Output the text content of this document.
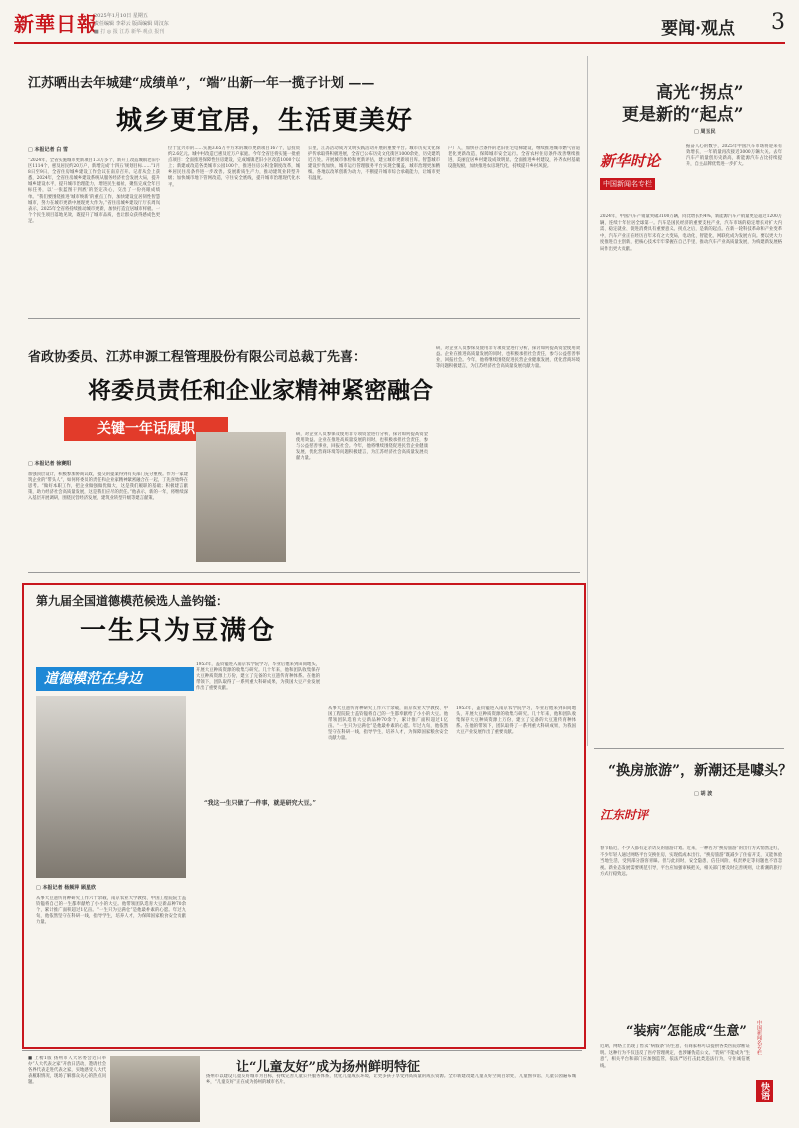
新華日報
2025年1月10日 星期五
责任编辑 李彩云 版面编辑 周汉东
■ 打 ◎ 报 江苏 新华·观点 报刊	要闻·观点 3
江苏晒出去年城建“成绩单”，“端”出新一年一揽子计划 ——
城乡更宜居，生活更美好
□ 本报记者 白 雪
“2024年，全省实施城市更新项目1.3万多个，新开工改造城镇老旧小区1114个，惠及居民约20万户，新增完成‘十四五’规划目标……”1月8日至9日，全省住房城乡建设工作会议在南京召开。记者从会上获悉，2024年，全省住房城乡建设系统从服务经济社会发展大局，提升城乡建设水平，提升城市治理能力，增进民生福祉，聚焦完成全年目标任务，以‘一张蓝图干到底’的坚定决心，交出了一份亮眼成绩单。“我们要围绕推进‘城市焕新’的重点工作，加快建设宜居韧性智慧城市，努力在城市更新中展现更大作为。”省住房城乡建设厅厅长周岚表示，2025年全省将持续推动城市更新，加快打造宜居城市样板。一个个民生项目落地见效，既提升了城市品质，也让群众获得感成色更足。
位于宜兴市的……实施3.65万平方米的城市更新项目167个，总投资约2.6亿元。城中村改造已惠及近万户家庭。今年全省还将实施一批重点项目：全面推进保障性住房建设，完成城镇老旧小区改造1000个以上；新建或改造各类城市公园100个，推进住房公积金制度改革，城乡居民住房条件进一步改善。发展新质生产力，推动建筑业转型升级；加快城市地下管网改造，守住安全底线，提升城市治理现代化水平。
公里，江苏活动成为文明实践活动开展的重要平台。城市历史文化保护传承取得积极进展，全省已公布历史文化街区1000余处，历史建筑近万处。开展城市体检和更新评估，建立城市更新项目库。智慧城市建设步伐加快，城市运行管理服务平台实现全覆盖，城市治理更加精细。各地以改革创新为动力，不断提升城市综合承载能力，让城市更有温度。
户）人，加快存合条件的老旧住宅电梯建设，继续推进城市燃气管道老化更新改造，保障城市安全运行。全省农村住房条件改善继续推进，美丽宜居乡村建设成效明显。全面推进乡村建设，补齐农村基础设施短板，加快推进农房现代化，持续提升乡村风貌。
高光“拐点”
更是新的“起点”
□ 周玉民
新华时论
中国新闻名专栏
振奋人心的数字，2025年中国汽车市场将迎来有效增长，一年销量再次接近3000万辆大关。去年汽车产销量创历史新高，新能源汽车占比持续提升，自主品牌优势进一步扩大。
2024年，中国汽车产销量突破3100万辆，同比增长约4%，新能源汽车产销量更是超过1200万辆，连续十年位居全球第一。汽车是国民经济的重要支柱产业，汽车市场的稳定增长对扩大内需、稳定就业、促进消费具有重要意义。拐点之后，是新的起点。在新一轮科技革命和产业变革中，汽车产业正在经历百年未有之大变局，电动化、智能化、网联化成为发展方向。要以更大力度推进自主创新，把核心技术牢牢掌握在自己手里，推动汽车产业高质量发展，为构建新发展格局作出更大贡献。
省政协委员、江苏申源工程管理股份有限公司总裁丁先喜：
将委员责任和企业家精神紧密融合
关键一年话履职
□ 本报记者 徐赛阳
加强顶层设计，积极参加协商议政，提交的提案得到有关部门充分重视。作为一家建筑企业的“带头人”，如何将委员的责任和企业家精神紧密融合在一起，丁先喜始终在思考。“做好本职工作，把企业做强做优做大，这是我们履职的基础；积极建言献策，助力经济社会高质量发展，这是我们应尽的责任。”他表示，新的一年，将继续深入基层开展调研，围绕民营经济发展、建筑业转型升级等建言献策。
研，对企业人员参保及使用非专项资金进行分析，探讨如何提高资金使用效益。企业在推进高质量发展的同时，也积极承担社会责任，参与公益慈善事业，回报社会。今年，他将继续围绕促进民营企业健康发展、优化营商环境等问题积极建言，为江苏经济社会高质量发展贡献力量。
研，对企业人员参保及使用非专项资金进行分析，探讨如何提高资金使用效益。企业在推进高质量发展的同时，也积极承担社会责任，参与公益慈善事业，回报社会。今年，他将继续围绕促进民营企业健康发展、优化营商环境等问题积极建言，为江苏经济社会高质量发展贡献力量。
第九届全国道德模范候选人盖钧镒：
一生只为豆满仓
道德模范在身边
□ 本报记者 杨频萍 顾星欣
从事大豆遗传育种研究工作六十余载，南京农业大学教授、中国工程院院士盖钧镒将自己的一生都奉献给了小小的大豆。他带领团队选育大豆新品种70余个，累计推广面积超过1亿亩。“一生只为豆满仓”是他最朴素的心愿。年过九旬，他依然坚守在科研一线，指导学生，培养人才，为保障国家粮食安全贡献力量。
1953年，盖钧镒进入南京农学院学习，毕业后他来到田间地头，开展大豆种质资源的收集与研究。几十年来，他和团队收集保存大豆种质资源上万份，建立了完备的大豆遗传育种体系。在他的带领下，团队取得了一系列重大科研成果，为我国大豆产业发展作出了重要贡献。
“我这一生只做了一件事，就是研究大豆。”
从事大豆遗传育种研究工作六十余载，南京农业大学教授、中国工程院院士盖钧镒将自己的一生都奉献给了小小的大豆。他带领团队选育大豆新品种70余个，累计推广面积超过1亿亩。“一生只为豆满仓”是他最朴素的心愿。年过九旬，他依然坚守在科研一线，指导学生，培养人才，为保障国家粮食安全贡献力量。
1953年，盖钧镒进入南京农学院学习，毕业后他来到田间地头，开展大豆种质资源的收集与研究。几十年来，他和团队收集保存大豆种质资源上万份，建立了完备的大豆遗传育种体系。在他的带领下，团队取得了一系列重大科研成果，为我国大豆产业发展作出了重要贡献。
“换房旅游”，新潮还是噱头？
□ 胡 波
江东时评
春节临近，不少人都有走亲访友的旅游计划。近来，一种名为“换房旅游”的出行方式悄然走红，不少年轻人通过网络平台交换住房，实现低成本出行。“换房旅游”既减少了住宿开支，又能体验当地生活，受到部分游客青睐。但与此同时，安全隐患、信任风险、权责界定等问题也不容忽视。新业态发展需要规范引导，平台应加强审核把关，相关部门要及时完善规则，让新潮的旅行方式行稳致远。
“装病”怎能成“生意”
近期，网络上出现了售卖“病假条”的生意，有商家称可以提供各类医院诊断证明。这种行为不仅违反了医疗管理规定，也涉嫌伪造公文。“装病”不能成为“生意”，相关平台和部门应加强监管，依法严厉打击此类违法行为，守住诚信底线。
中国新闻名专栏
快语
■ 上榜1版 扬州市人大常委会近日举办“人大代表之家”开放日活动，邀请社会各界代表走进代表之家，实地感受人大代表履职情况，现场了解群众关心的热点问题。
让“儿童友好”成为扬州鲜明特征
扬州市以建设儿童友好城市为目标，持续完善儿童公共服务体系，优化儿童成长环境，让更多孩子享受到高质量的成长资源。全市新建改建儿童友好空间百余处，儿童图书馆、儿童公园遍布城乡，“儿童友好”正在成为扬州的城市名片。
